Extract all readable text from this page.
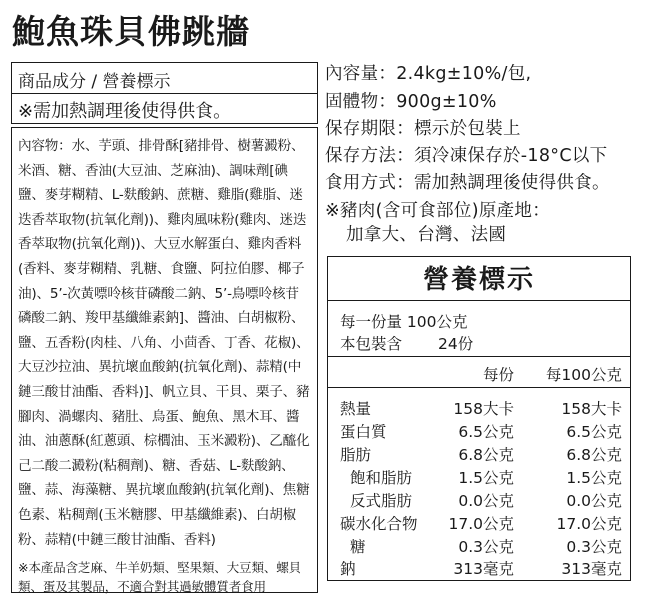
鮑魚珠貝佛跳牆
商品成分 / 營養標示
※需加熱調理後使得供食。
內容物：水、芋頭、排骨酥[豬排骨、樹薯澱粉、米酒、糖、香油(大豆油、芝麻油)、調味劑[碘鹽、麥芽糊精、L-麩酸鈉、蔗糖、雞脂(雞脂、迷迭香萃取物(抗氧化劑))、雞肉風味粉(雞肉、迷迭香萃取物(抗氧化劑))、大豆水解蛋白、雞肉香料(香料、麥芽糊精、乳糖、食鹽、阿拉伯膠、椰子油)、5’-次黃嘌呤核苷磷酸二鈉、5’-鳥嘌呤核苷磷酸二鈉、羧甲基纖維素鈉]、醬油、白胡椒粉、鹽、五香粉(肉桂、八角、小茴香、丁香、花椒)、大豆沙拉油、異抗壞血酸鈉(抗氧化劑)、蒜精(中鏈三酸甘油酯、香料)]、帆立貝、干貝、栗子、豬腳肉、渦螺肉、豬肚、烏蛋、鮑魚、黑木耳、醬油、油蔥酥(紅蔥頭、棕櫚油、玉米澱粉)、乙醯化己二酸二澱粉(粘稠劑)、糖、香菇、L-麩酸鈉、鹽、蒜、海藻糖、異抗壞血酸鈉(抗氧化劑)、焦糖色素、粘稠劑(玉米糖膠、甲基纖維素)、白胡椒粉、蒜精(中鏈三酸甘油酯、香料)
※本產品含芝麻、牛羊奶類、堅果類、大豆類、螺貝類、蛋及其製品，不適合對其過敏體質者食用
內容量：2.4kg±10%/包,
固體物：900g±10%
保存期限：標示於包裝上
保存方法：須冷凍保存於-18°C以下
食用方式：需加熱調理後使得供食。
※豬肉(含可食部位)原產地：
加拿大、台灣、法國
營養標示
每一份量 100公克
本包裝含 24份
每份 每100公克
熱量	158大卡	158大卡
蛋白質	6.5公克	6.5公克
脂肪	6.8公克	6.8公克
飽和脂肪	1.5公克	1.5公克
反式脂肪	0.0公克	0.0公克
碳水化合物 17.0公克	17.0公克
糖	0.3公克	0.3公克
鈉	313毫克	313毫克
